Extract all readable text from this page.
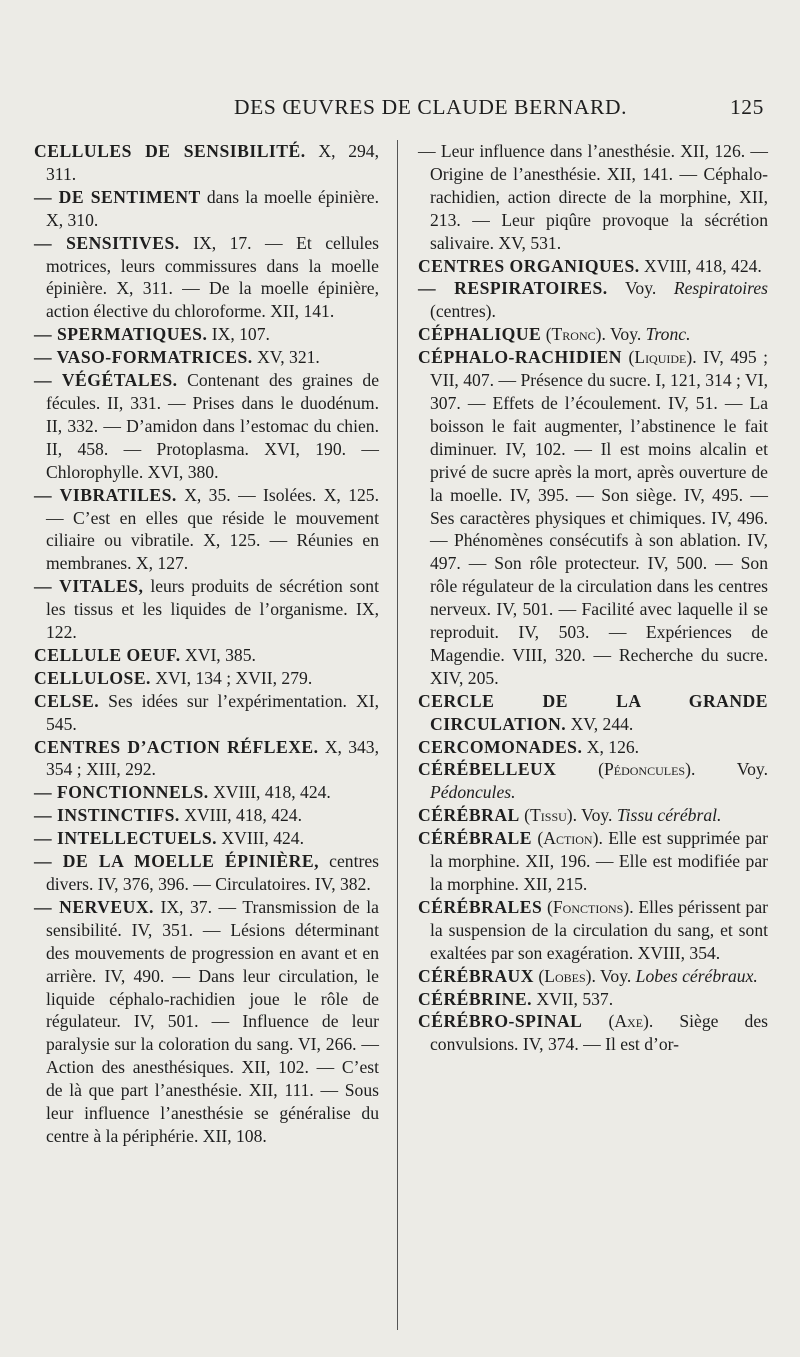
DES ŒUVRES DE CLAUDE BERNARD.	125

CELLULES DE SENSIBILITÉ. X, 294, 311.

— DE SENTIMENT dans la moelle épinière. X, 310.

— SENSITIVES. IX, 17. — Et cellules motrices, leurs commissures dans la moelle épinière. X, 311. — De la moelle épinière, action élective du chloroforme. XII, 141.

— SPERMATIQUES. IX, 107.

— VASO-FORMATRICES. XV, 321.

— VÉGÉTALES. Contenant des graines de fécules. II, 331. — Prises dans le duodénum. II, 332. — D’amidon dans l’estomac du chien. II, 458. — Protoplasma. XVI, 190. — Chlorophylle. XVI, 380.

— VIBRATILES. X, 35. — Isolées. X, 125. — C’est en elles que réside le mouvement ciliaire ou vibratile. X, 125. — Réunies en membranes. X, 127.

— VITALES, leurs produits de sécrétion sont les tissus et les liquides de l’organisme. IX, 122.

CELLULE OEUF. XVI, 385.

CELLULOSE. XVI, 134 ; XVII, 279.

CELSE. Ses idées sur l’expérimentation. XI, 545.

CENTRES D’ACTION RÉFLEXE. X, 343, 354 ; XIII, 292.

— FONCTIONNELS. XVIII, 418, 424.

— INSTINCTIFS. XVIII, 418, 424.

— INTELLECTUELS. XVIII, 424.

— DE LA MOELLE ÉPINIÈRE, centres divers. IV, 376, 396. — Circulatoires. IV, 382.

— NERVEUX. IX, 37. — Transmission de la sensibilité. IV, 351. — Lésions déterminant des mouvements de progression en avant et en arrière. IV, 490. — Dans leur circulation, le liquide céphalo-rachidien joue le rôle de régulateur. IV, 501. — Influence de leur paralysie sur la coloration du sang. VI, 266. — Action des anesthésiques. XII, 102. — C’est de là que part l’anesthésie. XII, 111. — Sous leur influence l’anesthésie se généralise du centre à la périphérie. XII, 108.

— Leur influence dans l’anesthésie. XII, 126. — Origine de l’anesthésie. XII, 141. — Céphalo-rachidien, action directe de la morphine, XII, 213. — Leur piqûre provoque la sécrétion salivaire. XV, 531.

CENTRES ORGANIQUES. XVIII, 418, 424.

— RESPIRATOIRES. Voy. Respiratoires (centres).

CÉPHALIQUE (Tronc). Voy. Tronc.

CÉPHALO-RACHIDIEN (Liquide). IV, 495 ; VII, 407. — Présence du sucre. I, 121, 314 ; VI, 307. — Effets de l’écoulement. IV, 51. — La boisson le fait augmenter, l’abstinence le fait diminuer. IV, 102. — Il est moins alcalin et privé de sucre après la mort, après ouverture de la moelle. IV, 395. — Son siège. IV, 495. — Ses caractères physiques et chimiques. IV, 496. — Phénomènes consécutifs à son ablation. IV, 497. — Son rôle protecteur. IV, 500. — Son rôle régulateur de la circulation dans les centres nerveux. IV, 501. — Facilité avec laquelle il se reproduit. IV, 503. — Expériences de Magendie. VIII, 320. — Recherche du sucre. XIV, 205.

CERCLE DE LA GRANDE CIRCULATION. XV, 244.

CERCOMONADES. X, 126.

CÉRÉBELLEUX (Pédoncules). Voy. Pédoncules.

CÉRÉBRAL (Tissu). Voy. Tissu cérébral.

CÉRÉBRALE (Action). Elle est supprimée par la morphine. XII, 196. — Elle est modifiée par la morphine. XII, 215.

CÉRÉBRALES (Fonctions). Elles périssent par la suspension de la circulation du sang, et sont exaltées par son exagération. XVIII, 354.

CÉRÉBRAUX (Lobes). Voy. Lobes cérébraux.

CÉRÉBRINE. XVII, 537.

CÉRÉBRO-SPINAL (Axe). Siège des convulsions. IV, 374. — Il est d’or-
